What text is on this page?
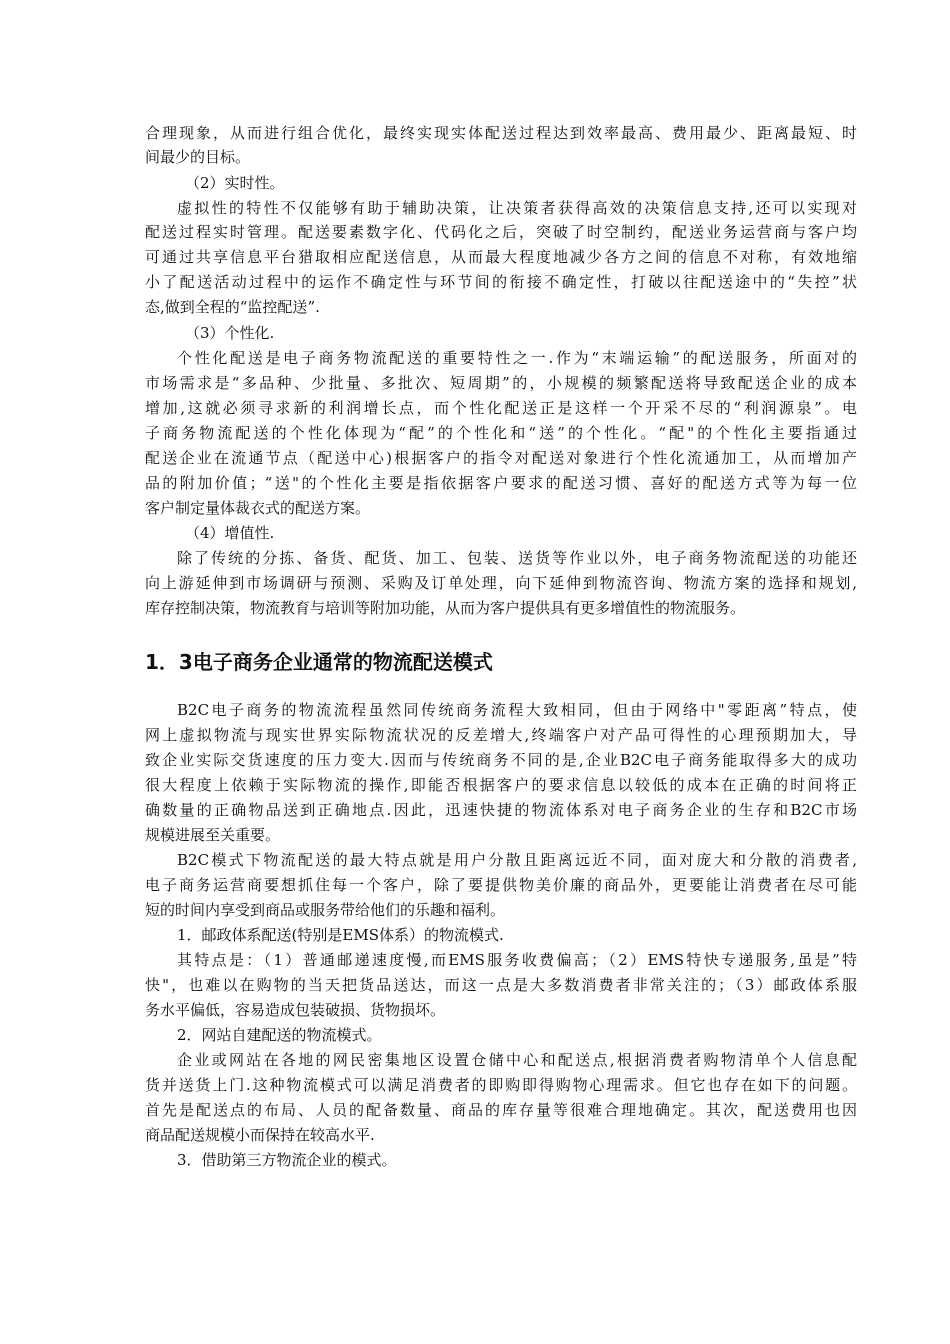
合理现象，从而进行组合优化，最终实现实体配送过程达到效率最高、费用最少、距离最短、时

间最少的目标。

（2）实时性。

虚拟性的特性不仅能够有助于辅助决策，让决策者获得高效的决策信息支持,还可以实现对

配送过程实时管理。配送要素数字化、代码化之后，突破了时空制约，配送业务运营商与客户均

可通过共享信息平台猎取相应配送信息，从而最大程度地减少各方之间的信息不对称，有效地缩

小了配送活动过程中的运作不确定性与环节间的衔接不确定性，打破以往配送途中的“失控”状

态,做到全程的“监控配送”.

（3）个性化.

个性化配送是电子商务物流配送的重要特性之一.作为“末端运输”的配送服务，所面对的

市场需求是“多品种、少批量、多批次、短周期”的，小规模的频繁配送将导致配送企业的成本

增加,这就必须寻求新的利润增长点，而个性化配送正是这样一个开采不尽的“利润源泉”。电

子商务物流配送的个性化体现为“配”的个性化和“送”的个性化。“配"的个性化主要指通过

配送企业在流通节点（配送中心)根据客户的指令对配送对象进行个性化流通加工，从而增加产

品的附加价值；“送"的个性化主要是指依据客户要求的配送习惯、喜好的配送方式等为每一位

客户制定量体裁衣式的配送方案。

（4）增值性.

除了传统的分拣、备货、配货、加工、包装、送货等作业以外，电子商务物流配送的功能还

向上游延伸到市场调研与预测、采购及订单处理，向下延伸到物流咨询、物流方案的选择和规划,

库存控制决策，物流教育与培训等附加功能，从而为客户提供具有更多增值性的物流服务。

1．3电子商务企业通常的物流配送模式

B2C电子商务的物流流程虽然同传统商务流程大致相同，但由于网络中"零距离”特点，使

网上虚拟物流与现实世界实际物流状况的反差增大,终端客户对产品可得性的心理预期加大，导

致企业实际交货速度的压力变大.因而与传统商务不同的是,企业B2C电子商务能取得多大的成功

很大程度上依赖于实际物流的操作,即能否根据客户的要求信息以较低的成本在正确的时间将正

确数量的正确物品送到正确地点.因此，迅速快捷的物流体系对电子商务企业的生存和B2C市场

规模进展至关重要。

B2C模式下物流配送的最大特点就是用户分散且距离远近不同，面对庞大和分散的消费者,

电子商务运营商要想抓住每一个客户，除了要提供物美价廉的商品外，更要能让消费者在尽可能

短的时间内享受到商品或服务带给他们的乐趣和福利。

1．邮政体系配送(特别是EMS体系）的物流模式.

其特点是：（1）普通邮递速度慢,而EMS服务收费偏高；（2）EMS特快专递服务,虽是”特

快"，也难以在购物的当天把货品送达，而这一点是大多数消费者非常关注的；（3）邮政体系服

务水平偏低，容易造成包装破损、货物损坏。

2．网站自建配送的物流模式。

企业或网站在各地的网民密集地区设置仓储中心和配送点,根据消费者购物清单个人信息配

货并送货上门.这种物流模式可以满足消费者的即购即得购物心理需求。但它也存在如下的问题。

首先是配送点的布局、人员的配备数量、商品的库存量等很难合理地确定。其次，配送费用也因

商品配送规模小而保持在较高水平.

3．借助第三方物流企业的模式。
